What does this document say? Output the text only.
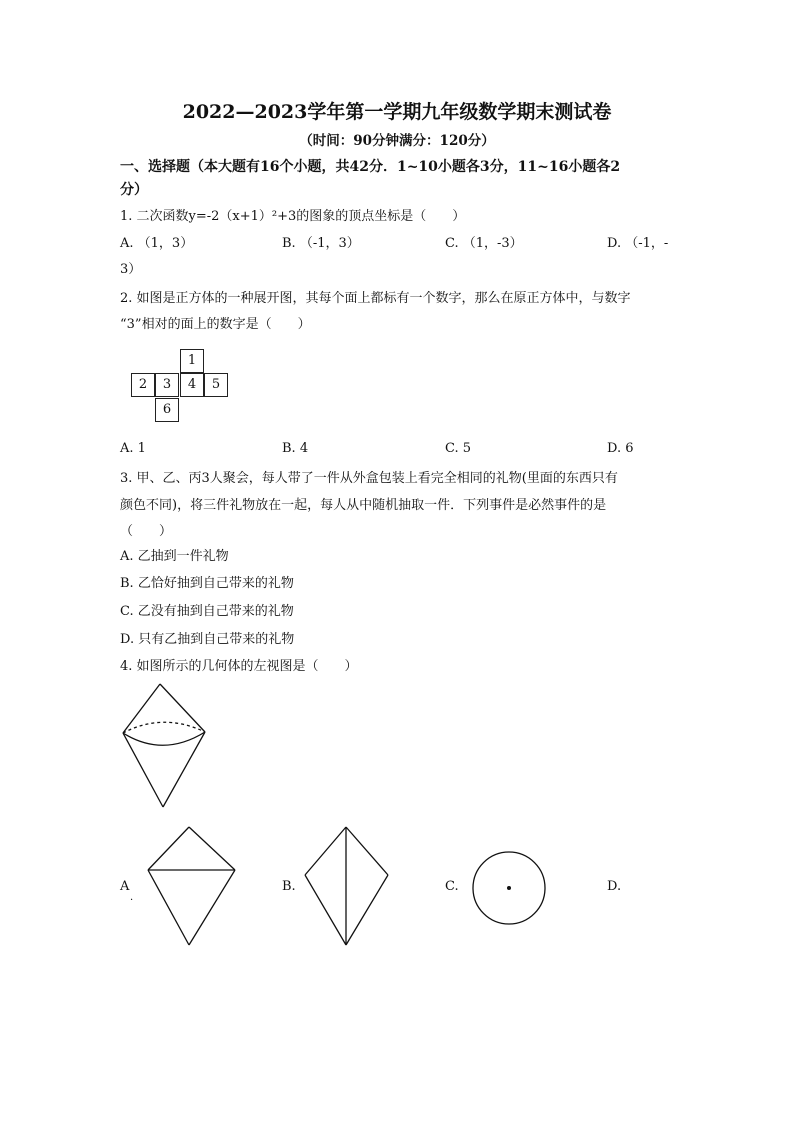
2022—2023学年第一学期九年级数学期末测试卷
（时间：90分钟满分：120分）
一、选择题（本大题有16个小题，共42分．1~10小题各3分，11~16小题各2
分）
1. 二次函数y=-2（x+1）²+3的图象的顶点坐标是（　　）
A. （1，3）	B. （-1，3）	C. （1，-3）	D. （-1，-
3）
2. 如图是正方体的一种展开图，其每个面上都标有一个数字，那么在原正方体中，与数字
“3”相对的面上的数字是（　　）
1
2	3	4	5
6
A. 1	B. 4	C. 5	D. 6
3. 甲、乙、丙3人聚会，每人带了一件从外盒包装上看完全相同的礼物(里面的东西只有
颜色不同)，将三件礼物放在一起，每人从中随机抽取一件．下列事件是必然事件的是
（　　）
A. 乙抽到一件礼物
B. 乙恰好抽到自己带来的礼物
C. 乙没有抽到自己带来的礼物
D. 只有乙抽到自己带来的礼物
4. 如图所示的几何体的左视图是（　　）
A
·
B.	C.	D.
